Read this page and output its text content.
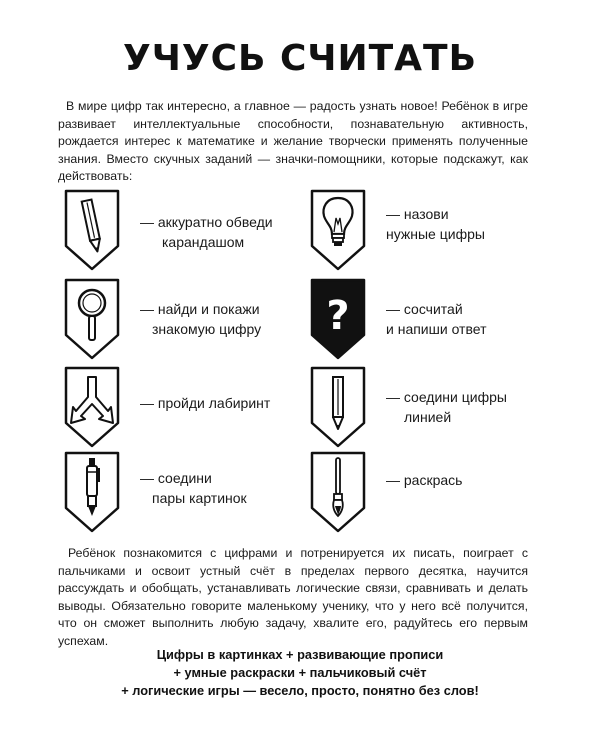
УЧУСЬ СЧИТАТЬ
В мире цифр так интересно, а главное — радость узнать новое! Ребёнок в игре развивает интеллектуальные способности, познавательную активность, рождается интерес к математике и желание творчески применять полученные знания. Вместо скучных заданий — значки-помощники, которые подскажут, как действовать:
— аккуратно обведи
карандашом
— найди и покажи
знакомую цифру
— пройди лабиринт
— соедини
пары картинок
— назови
нужные цифры
?	— сосчитай
и напиши ответ
— соедини цифры
линией
— раскрась
Ребёнок познакомится с цифрами и потренируется их писать, поиграет с пальчиками и освоит устный счёт в пределах первого десятка, научится рассуждать и обобщать, устанавливать логические связи, сравнивать и делать выводы. Обязательно говорите маленькому ученику, что у него всё получится, что он сможет выполнить любую задачу, хвалите его, радуйтесь его первым успехам.
Цифры в картинках + развивающие прописи
+ умные раскраски + пальчиковый счёт
+ логические игры — весело, просто, понятно без слов!
